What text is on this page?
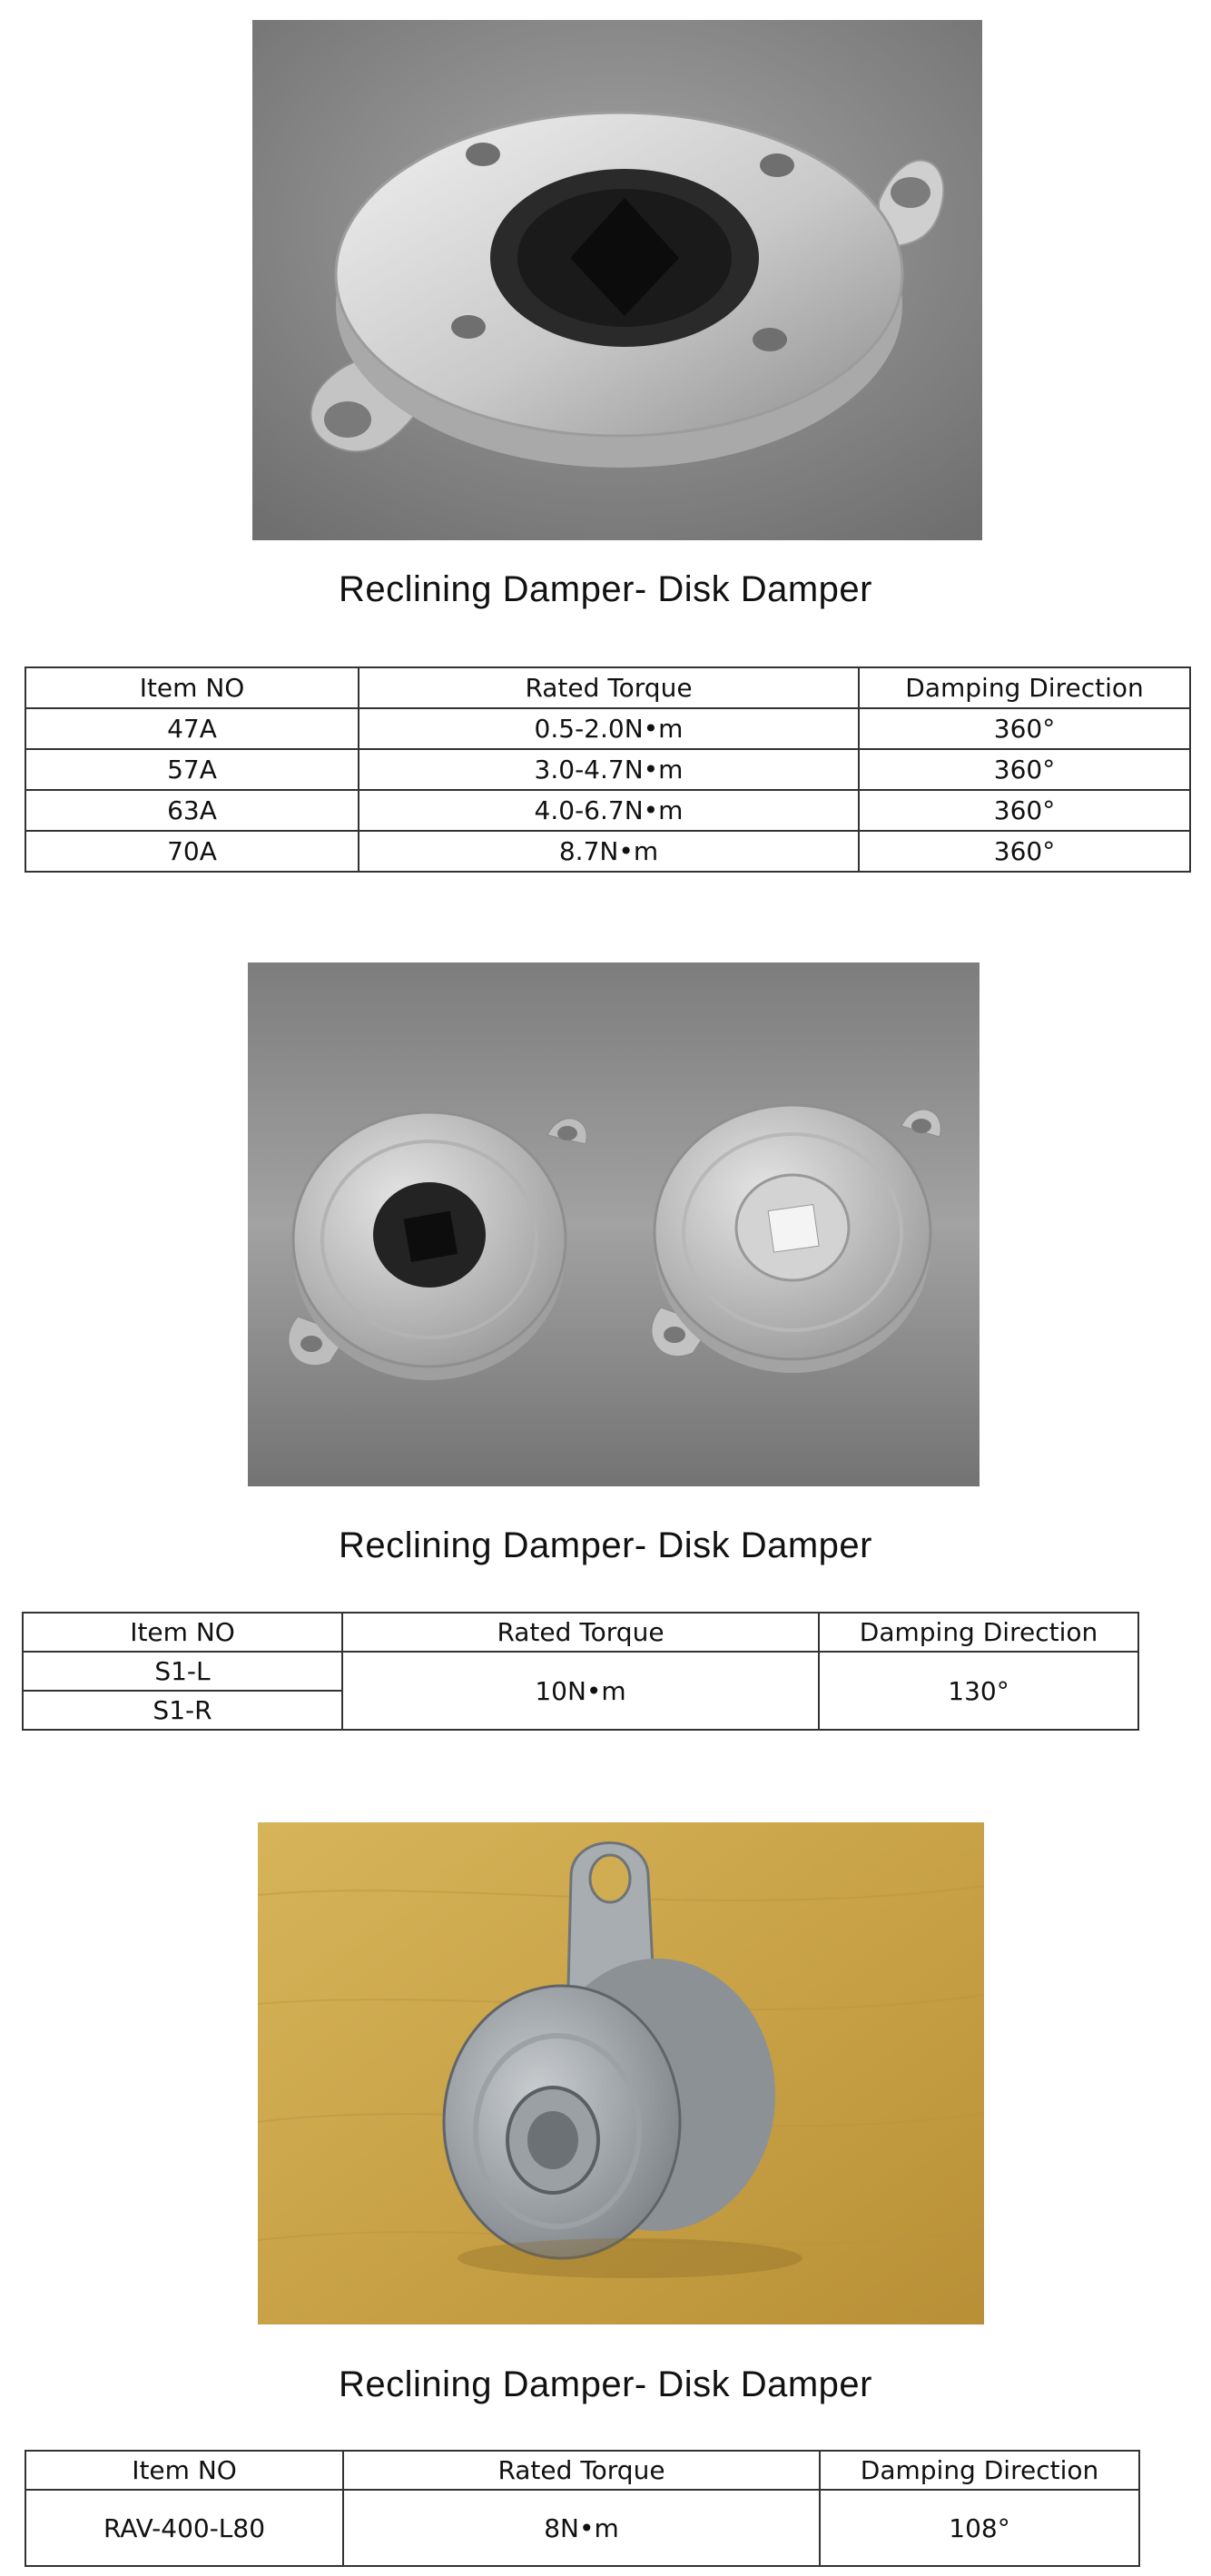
Reclining Damper- Disk Damper
Item NO	Rated Torque	Damping Direction
47A	0.5-2.0N•m	360°
57A	3.0-4.7N•m	360°
63A	4.0-6.7N•m	360°
70A	8.7N•m	360°
Reclining Damper- Disk Damper
Item NO	Rated Torque	Damping Direction
S1-L	10N•m	130°
S1-R		
Reclining Damper- Disk Damper
Item NO	Rated Torque	Damping Direction
RAV-400-L80	8N•m	108°
